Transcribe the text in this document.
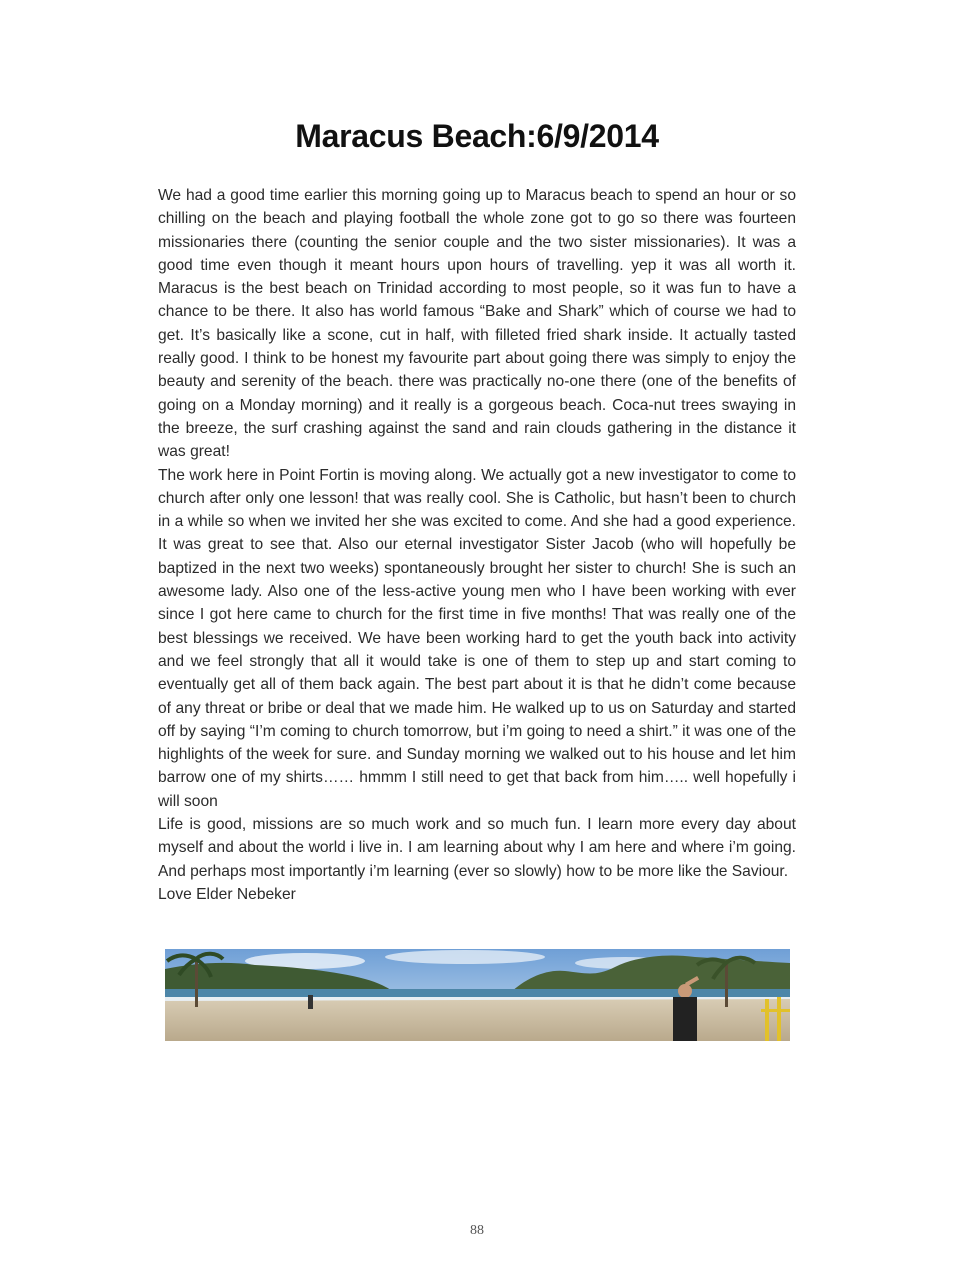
Maracus Beach:6/9/2014

We had a good time earlier this morning going up to Maracus beach to spend an hour or so chilling on the beach and playing football the whole zone got to go so there was fourteen missionaries there (counting the senior couple and the two sister missionaries). It was a good time even though it meant hours upon hours of travelling. yep it was all worth it. Maracus is the best beach on Trinidad according to most people, so it was fun to have a chance to be there. It also has world famous “Bake and Shark” which of course we had to get. It’s basically like a scone, cut in half, with filleted fried shark inside. It actually tasted really good. I think to be honest my favourite part about going there was simply to enjoy the beauty and serenity of the beach. there was practically no-one there (one of the benefits of going on a Monday morning) and it really is a gorgeous beach. Coca-nut trees swaying in the breeze, the surf crashing against the sand and rain clouds gathering in the distance it was great!

The work here in Point Fortin is moving along. We actually got a new investigator to come to church after only one lesson! that was really cool. She is Catholic, but hasn’t been to church in a while so when we invited her she was excited to come. And she had a good experience. It was great to see that. Also our eternal investigator Sister Jacob (who will hopefully be baptized in the next two weeks) spontaneously brought her sister to church! She is such an awesome lady. Also one of the less-active young men who I have been working with ever since I got here came to church for the first time in five months! That was really one of the best blessings we received. We have been working hard to get the youth back into activity and we feel strongly that all it would take is one of them to step up and start coming to eventually get all of them back again. The best part about it is that he didn’t come because of any threat or bribe or deal that we made him. He walked up to us on Saturday and started off by saying “I’m coming to church tomorrow, but i’m going to need a shirt.” it was one of the highlights of the week for sure. and Sunday morning we walked out to his house and let him barrow one of my shirts…… hmmm I still need to get that back from him….. well hopefully i will soon

Life is good, missions are so much work and so much fun. I learn more every day about myself and about the world i live in. I am learning about why I am here and where i’m going. And perhaps most importantly i’m learning (ever so slowly) how to be more like the Saviour.

Love Elder Nebeker

88
